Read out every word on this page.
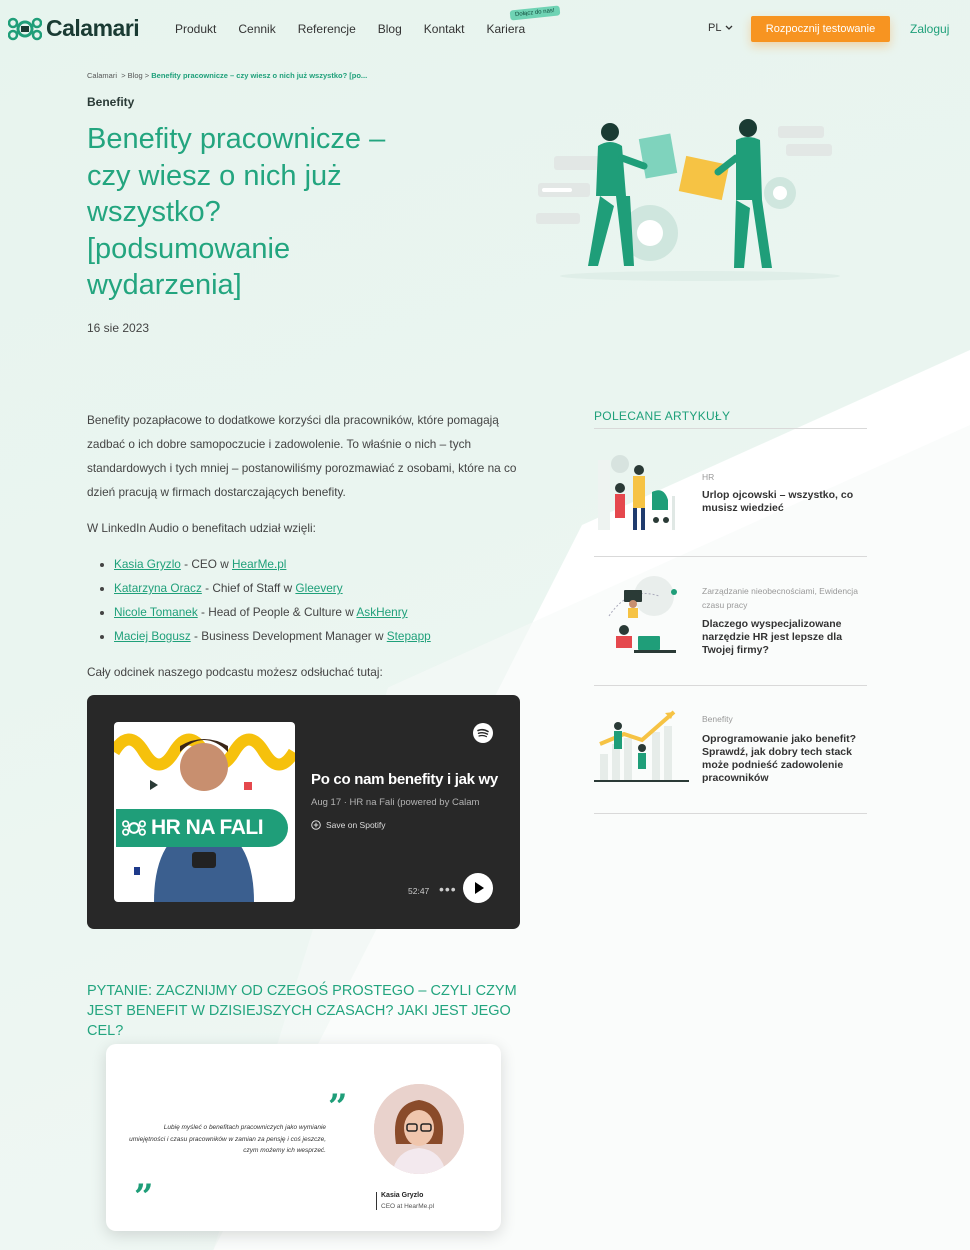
Calamari	Produkt Cennik Referencje Blog Kontakt Kariera
Dołącz do nas!
PL	Rozpocznij testowanie	Zaloguj
Calamari > Blog > Benefity pracownicze – czy wiesz o nich już wszystko? [po...
Benefity
Benefity pracownicze – czy wiesz o nich już wszystko? [podsumowanie wydarzenia]
16 sie 2023

Benefity pozapłacowe to dodatkowe korzyści dla pracowników, które pomagają zadbać o ich dobre samopoczucie i zadowolenie. To właśnie o nich – tych standardowych i tych mniej – postanowiliśmy porozmawiać z osobami, które na co dzień pracują w firmach dostarczających benefity.

W LinkedIn Audio o benefitach udział wzięli:

• Kasia Gryzlo - CEO w HearMe.pl
• Katarzyna Oracz - Chief of Staff w Gleevery
• Nicole Tomanek - Head of People & Culture w AskHenry
• Maciej Bogusz - Business Development Manager w Stepapp

Cały odcinek naszego podcastu możesz odsłuchać tutaj:

HR NA FALI
Po co nam benefity i jak wy
Aug 17 · HR na Fali (powered by Calam
Save on Spotify
52:47 •••
PYTANIE: ZACZNIJMY OD CZEGOŚ PROSTEGO – CZYLI CZYM JEST BENEFIT W DZISIEJSZYCH CZASACH? JAKI JEST JEGO CEL?
”
Lubię myśleć o benefitach pracowniczych jako wymianie umiejętności i czasu pracowników w zamian za pensję i coś jeszcze, czym możemy ich wesprzeć.
”	Kasia Gryzlo
CEO at HearMe.pl
POLECANE ARTYKUŁY
HR
Urlop ojcowski – wszystko, co musisz wiedzieć
Zarządzanie nieobecnościami, Ewidencja czasu pracy
Dlaczego wyspecjalizowane narzędzie HR jest lepsze dla Twojej firmy?
Benefity
Oprogramowanie jako benefit? Sprawdź, jak dobry tech stack może podnieść zadowolenie pracowników
